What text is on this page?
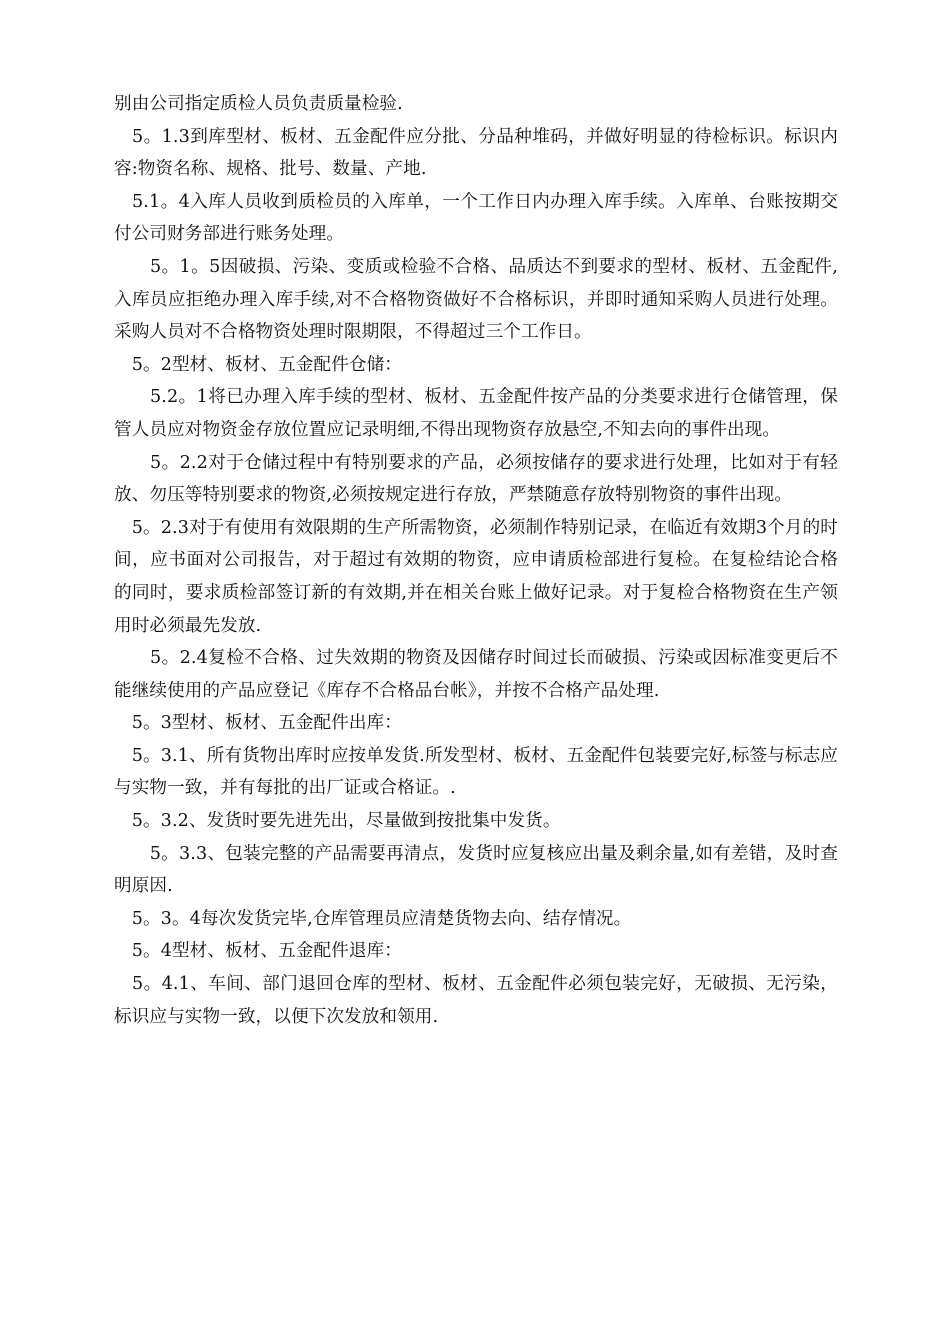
别由公司指定质检人员负责质量检验.

　5。1.3到库型材、板材、五金配件应分批、分品种堆码，并做好明显的待检标识。标识内容:物资名称、规格、批号、数量、产地.

　5.1。4入库人员收到质检员的入库单，一个工作日内办理入库手续。入库单、台账按期交付公司财务部进行账务处理。

　　5。1。5因破损、污染、变质或检验不合格、品质达不到要求的型材、板材、五金配件,入库员应拒绝办理入库手续,对不合格物资做好不合格标识，并即时通知采购人员进行处理。采购人员对不合格物资处理时限期限，不得超过三个工作日。

　5。2型材、板材、五金配件仓储：

　　5.2。1将已办理入库手续的型材、板材、五金配件按产品的分类要求进行仓储管理，保管人员应对物资金存放位置应记录明细,不得出现物资存放悬空,不知去向的事件出现。

　　5。2.2对于仓储过程中有特别要求的产品，必须按储存的要求进行处理，比如对于有轻放、勿压等特别要求的物资,必须按规定进行存放，严禁随意存放特别物资的事件出现。

　5。2.3对于有使用有效限期的生产所需物资，必须制作特别记录，在临近有效期3个月的时间，应书面对公司报告，对于超过有效期的物资，应申请质检部进行复检。在复检结论合格的同时，要求质检部签订新的有效期,并在相关台账上做好记录。对于复检合格物资在生产领用时必须最先发放.

　　5。2.4复检不合格、过失效期的物资及因储存时间过长而破损、污染或因标准变更后不能继续使用的产品应登记《库存不合格品台帐》，并按不合格产品处理.

　5。3型材、板材、五金配件出库：

　5。3.1、所有货物出库时应按单发货.所发型材、板材、五金配件包装要完好,标签与标志应与实物一致，并有每批的出厂证或合格证。.

　5。3.2、发货时要先进先出，尽量做到按批集中发货。

　　5。3.3、包装完整的产品需要再清点，发货时应复核应出量及剩余量,如有差错，及时查明原因.

　5。3。4每次发货完毕,仓库管理员应清楚货物去向、结存情况。

　5。4型材、板材、五金配件退库：

　5。4.1、车间、部门退回仓库的型材、板材、五金配件必须包装完好，无破损、无污染，标识应与实物一致，以便下次发放和领用.
